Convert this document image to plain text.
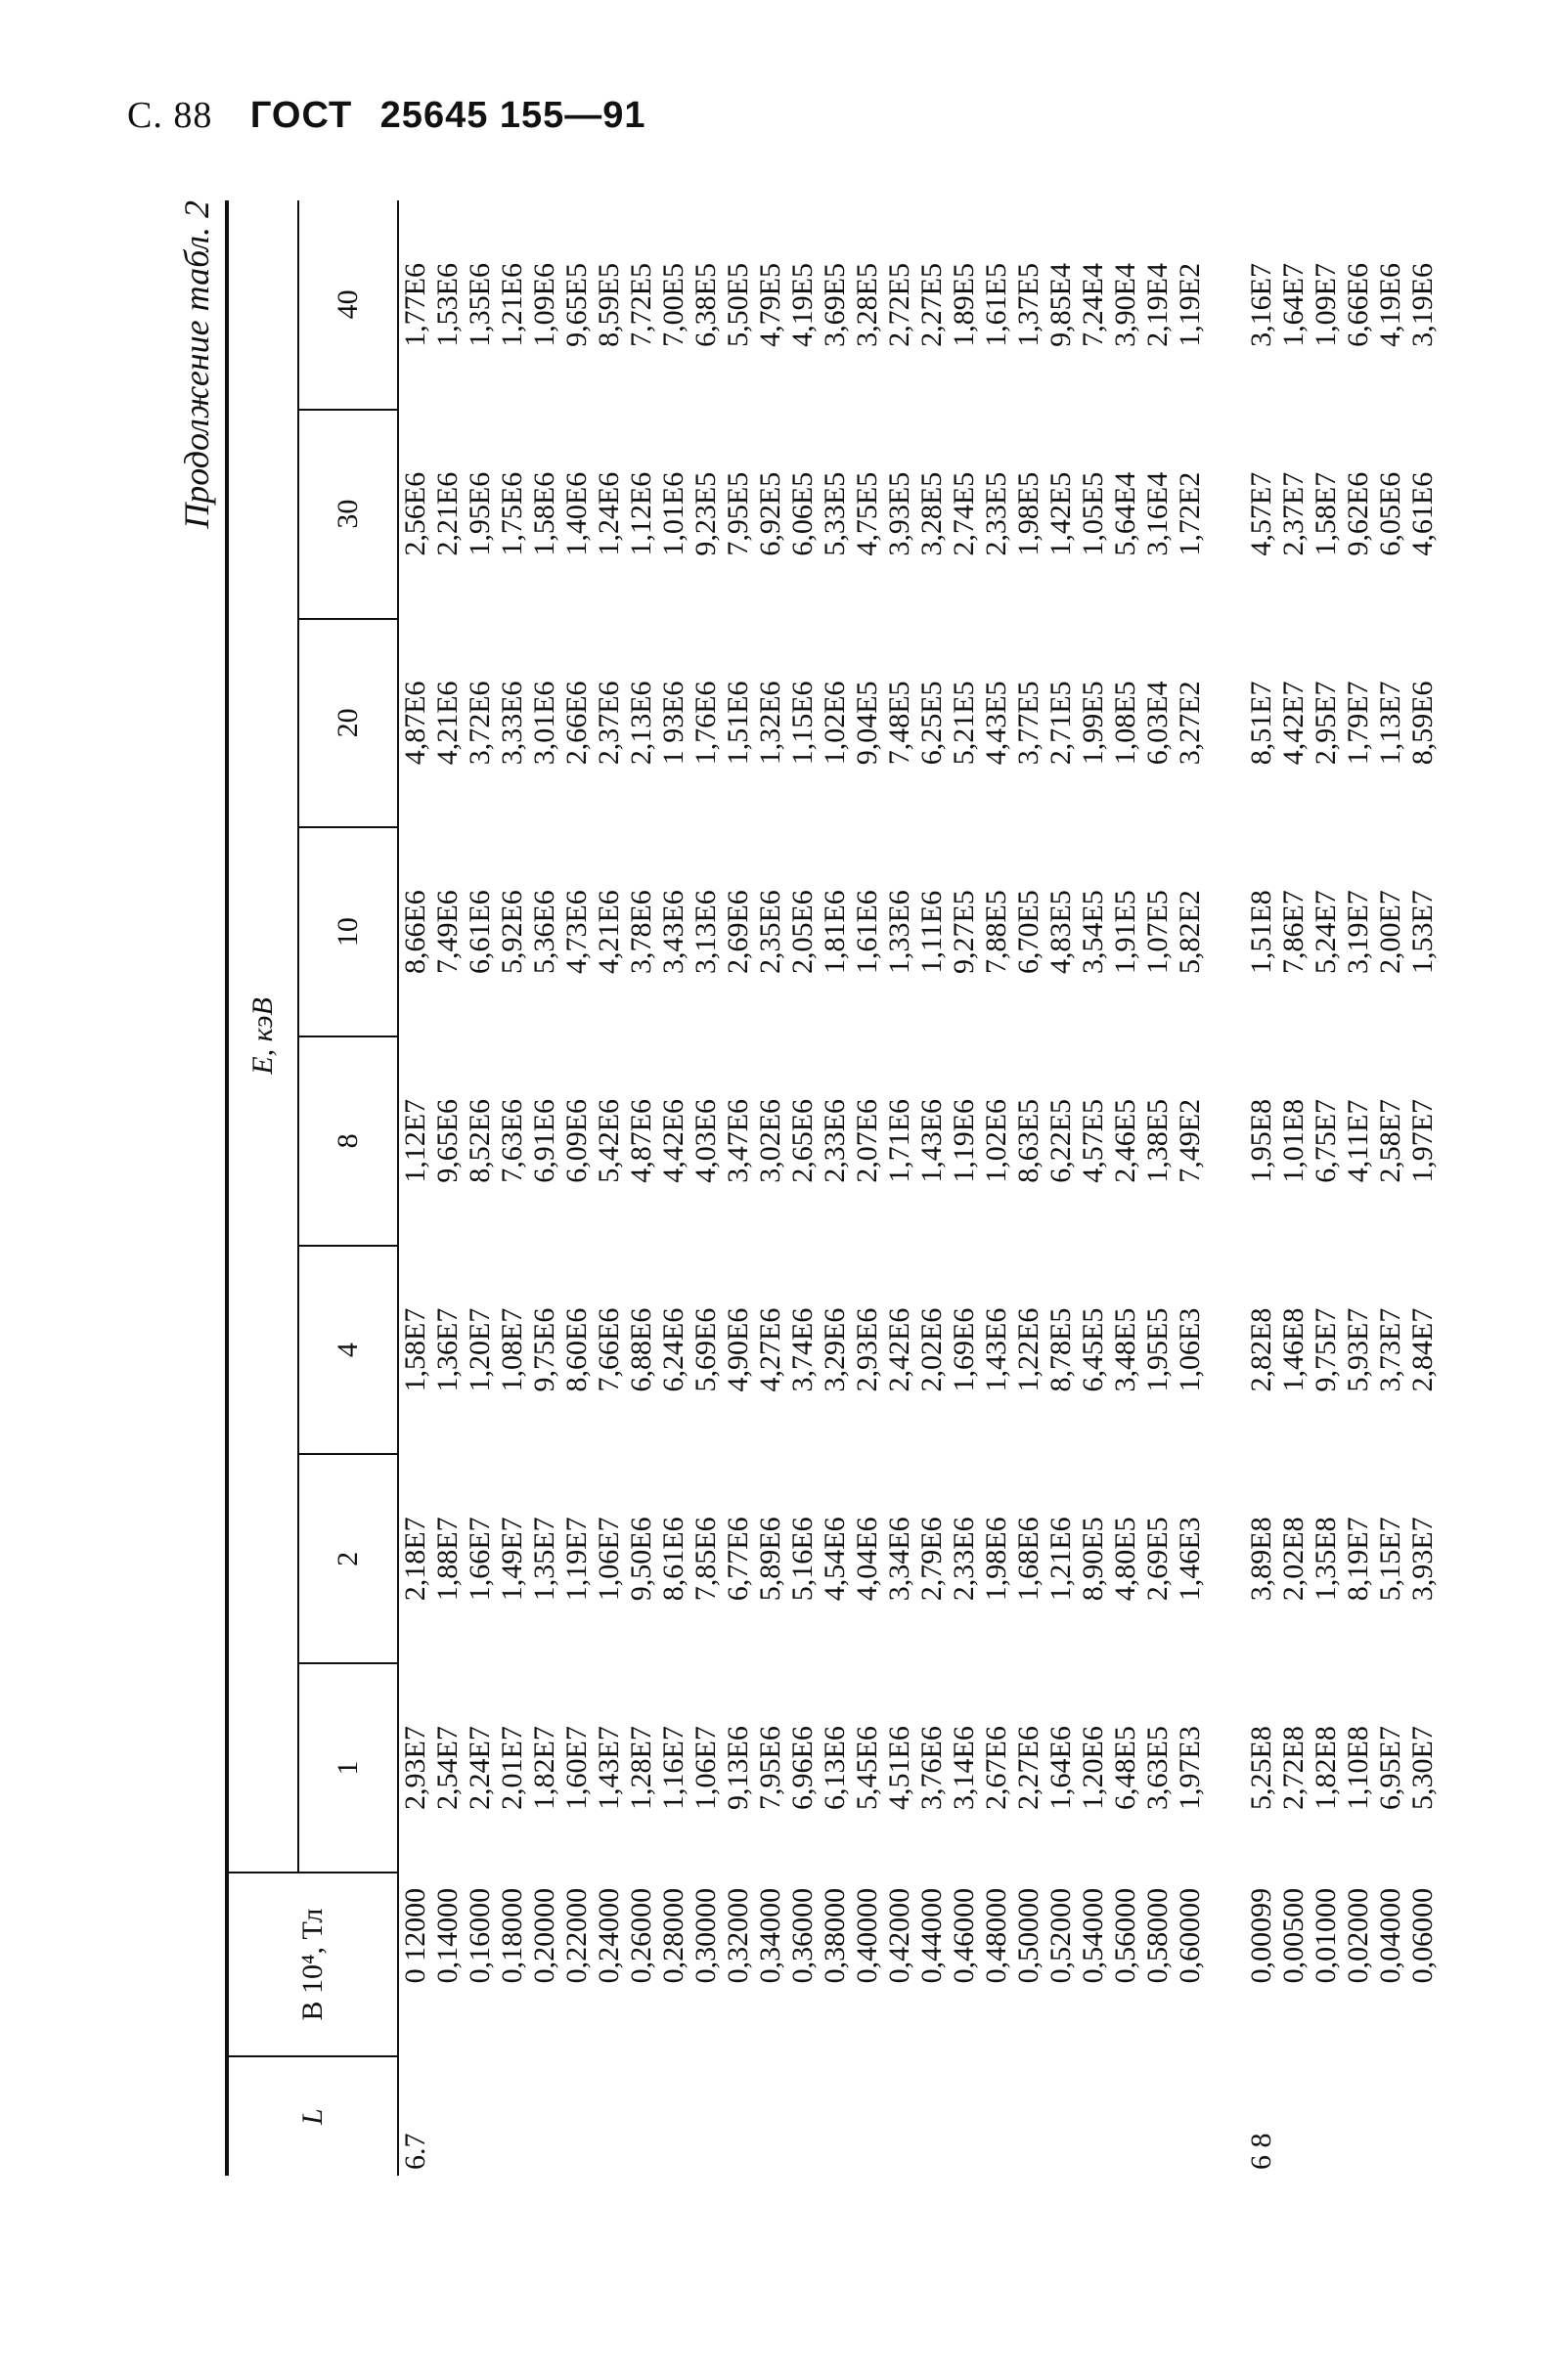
С. 88 ГОСТ 25645 155—91
Продолжение табл. 2
L	B 10⁴, Тл	E, кэВ							
		1	2	4	8	10	20	30	40
6.7	0 12000	2,93E7	2,18E7	1,58E7	1,12E7	8,66E6	4,87E6	2,56E6	1,77E6
	0,14000	2,54E7	1,88E7	1,36E7	9,65E6	7,49E6	4,21E6	2,21E6	1,53E6
	0,16000	2,24E7	1,66E7	1,20E7	8,52E6	6,61E6	3,72E6	1,95E6	1,35E6
	0,18000	2,01E7	1,49E7	1,08E7	7,63E6	5,92E6	3,33E6	1,75E6	1,21E6
	0,20000	1,82E7	1,35E7	9,75E6	6,91E6	5,36E6	3,01E6	1,58E6	1,09E6
	0,22000	1,60E7	1,19E7	8,60E6	6,09E6	4,73E6	2,66E6	1,40E6	9,65E5
	0,24000	1,43E7	1,06E7	7,66E6	5,42E6	4,21E6	2,37E6	1,24E6	8,59E5
	0,26000	1,28E7	9,50E6	6,88E6	4,87E6	3,78E6	2,13E6	1,12E6	7,72E5
	0,28000	1,16E7	8,61E6	6,24E6	4,42E6	3,43E6	1 93E6	1,01E6	7,00E5
	0,30000	1,06E7	7,85E6	5,69E6	4,03E6	3,13E6	1,76E6	9,23E5	6,38E5
	0,32000	9,13E6	6,77E6	4,90E6	3,47E6	2,69E6	1,51E6	7,95E5	5,50E5
	0,34000	7,95E6	5,89E6	4,27E6	3,02E6	2,35E6	1,32E6	6,92E5	4,79E5
	0,36000	6,96E6	5,16E6	3,74E6	2,65E6	2,05E6	1,15E6	6,06E5	4,19E5
	0,38000	6,13E6	4,54E6	3,29E6	2,33E6	1,81E6	1,02E6	5,33E5	3,69E5
	0,40000	5,45E6	4,04E6	2,93E6	2,07E6	1,61E6	9,04E5	4,75E5	3,28E5
	0,42000	4,51E6	3,34E6	2,42E6	1,71E6	1,33E6	7,48E5	3,93E5	2,72E5
	0,44000	3,76E6	2,79E6	2,02E6	1,43E6	1,11E6	6,25E5	3,28E5	2,27E5
	0,46000	3,14E6	2,33E6	1,69E6	1,19E6	9,27E5	5,21E5	2,74E5	1,89E5
	0,48000	2,67E6	1,98E6	1,43E6	1,02E6	7,88E5	4,43E5	2,33E5	1,61E5
	0,50000	2,27E6	1,68E6	1,22E6	8,63E5	6,70E5	3,77E5	1,98E5	1,37E5
	0,52000	1,64E6	1,21E6	8,78E5	6,22E5	4,83E5	2,71E5	1,42E5	9,85E4
	0,54000	1,20E6	8,90E5	6,45E5	4,57E5	3,54E5	1,99E5	1,05E5	7,24E4
	0,56000	6,48E5	4,80E5	3,48E5	2,46E5	1,91E5	1,08E5	5,64E4	3,90E4
	0,58000	3,63E5	2,69E5	1,95E5	1,38E5	1,07E5	6,03E4	3,16E4	2,19E4
	0,60000	1,97E3	1,46E3	1,06E3	7,49E2	5,82E2	3,27E2	1,72E2	1,19E2

6 8	0,00099	5,25E8	3,89E8	2,82E8	1,95E8	1,51E8	8,51E7	4,57E7	3,16E7
	0,00500	2,72E8	2,02E8	1,46E8	1,01E8	7,86E7	4,42E7	2,37E7	1,64E7
	0,01000	1,82E8	1,35E8	9,75E7	6,75E7	5,24E7	2,95E7	1,58E7	1,09E7
	0,02000	1,10E8	8,19E7	5,93E7	4,11E7	3,19E7	1,79E7	9,62E6	6,66E6
	0,04000	6,95E7	5,15E7	3,73E7	2,58E7	2,00E7	1,13E7	6,05E6	4,19E6
	0,06000	5,30E7	3,93E7	2,84E7	1,97E7	1,53E7	8,59E6	4,61E6	3,19E6
